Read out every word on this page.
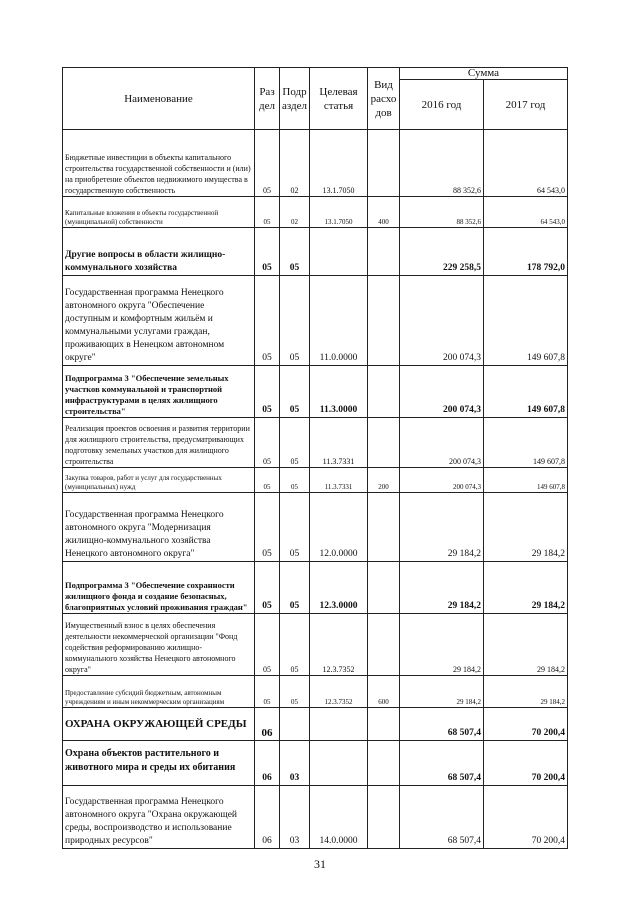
Наименование	Раз дел	Подр аздел	Целевая статья	Вид расхо дов	Сумма	
					2016 год	2017 год
Бюджетные инвестиции в объекты капитального строительства государственной собственности и (или) на приобретение объектов недвижимого имущества в государственную собственность	05	02	13.1.7050		88 352,6	64 543,0
Капитальные вложения в объекты государственной (муниципальной) собственности	05	02	13.1.7050	400	88 352,6	64 543,0
Другие вопросы в области жилищно-коммунального хозяйства	05	05			229 258,5	178 792,0
Государственная программа Ненецкого автономного округа "Обеспечение доступным и комфортным жильём и коммунальными услугами граждан, проживающих в Ненецком автономном округе"	05	05	11.0.0000		200 074,3	149 607,8
Подпрограмма 3 "Обеспечение земельных участков коммунальной и транспортной инфраструктурами в целях жилищного строительства"	05	05	11.3.0000		200 074,3	149 607,8
Реализация проектов освоения и развития территории для жилищного строительства, предусматривающих подготовку земельных участков для жилищного строительства	05	05	11.3.7331		200 074,3	149 607,8
Закупка товаров, работ и услуг для государственных (муниципальных) нужд	05	05	11.3.7331	200	200 074,3	149 607,8
Государственная программа Ненецкого автономного округа "Модернизация жилищно-коммунального хозяйства Ненецкого автономного округа"	05	05	12.0.0000		29 184,2	29 184,2
Подпрограмма 3 "Обеспечение сохранности жилищного фонда и создание безопасных, благоприятных условий проживания граждан"	05	05	12.3.0000		29 184,2	29 184,2
Имущественный взнос в целях обеспечения деятельности некоммерческой организации "Фонд содействия реформированию жилищно-коммунального хозяйства Ненецкого автономного округа"	05	05	12.3.7352		29 184,2	29 184,2
Предоставление субсидий бюджетным, автономным учреждениям и иным некоммерческим организациям	05	05	12.3.7352	600	29 184,2	29 184,2
ОХРАНА ОКРУЖАЮЩЕЙ СРЕДЫ	06				68 507,4	70 200,4
Охрана объектов растительного и животного мира и среды их обитания	06	03			68 507,4	70 200,4
Государственная программа Ненецкого автономного округа "Охрана окружающей среды, воспроизводство и использование природных ресурсов"	06	03	14.0.0000		68 507,4	70 200,4
31
